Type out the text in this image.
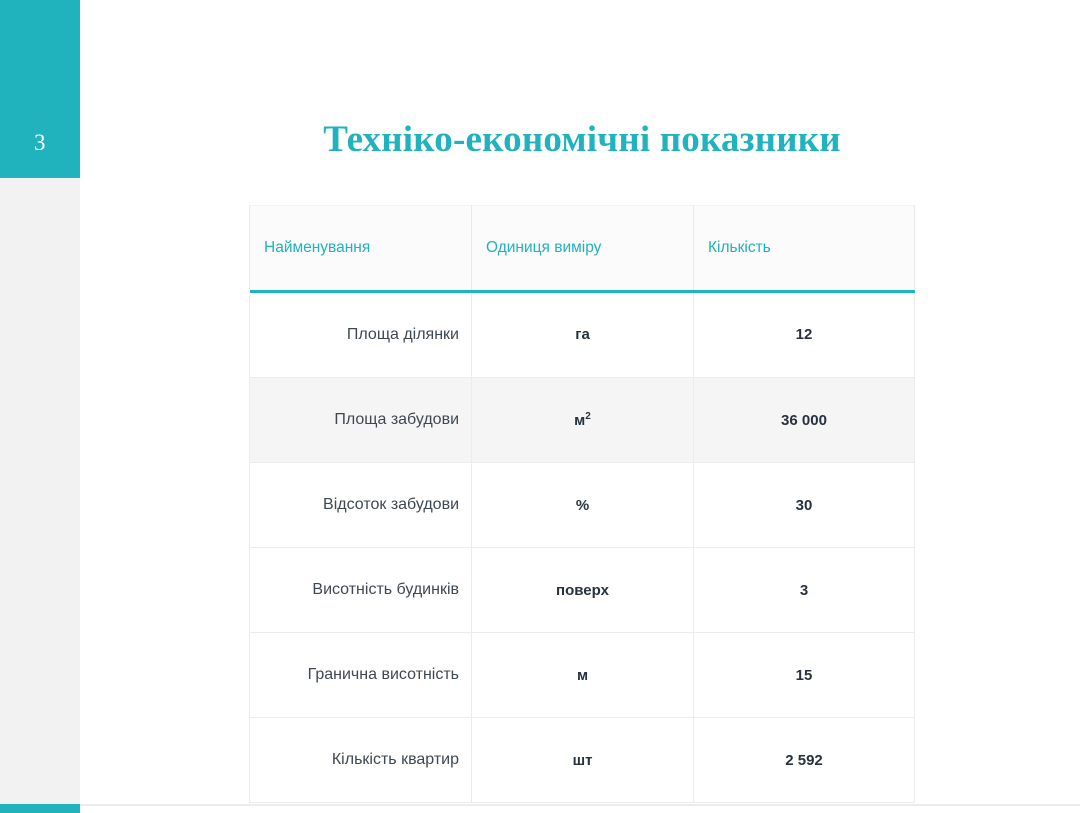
3	Техніко-економічні показники
Найменування	Одиниця виміру	Кількість

Площа ділянки	га	12
Площа забудови	$м^2$	36 000
Відсоток забудови	%	30
Висотність будинків	поверх	3
Гранична висотність	м	15
Кількість квартир	шт	2 592
